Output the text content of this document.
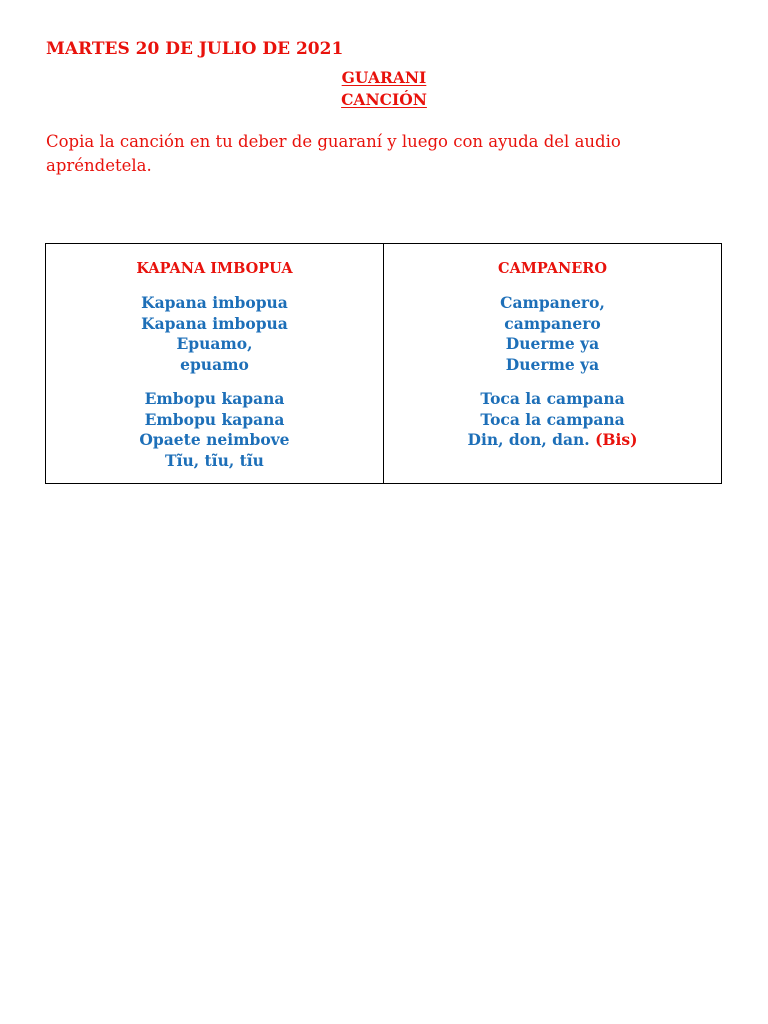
MARTES 20 DE JULIO DE 2021
GUARANI
CANCIÓN
Copia la canción en tu deber de guaraní y luego con ayuda del audio apréndetela.
KAPANA IMBOPUA
Kapana imbopua
Kapana imbopua
Epuamo,
epuamo
Embopu kapana
Embopu kapana
Opaete neimbove
Tĩu, tĩu, tĩu
CAMPANERO
Campanero,
campanero
Duerme ya
Duerme ya
Toca la campana
Toca la campana
Din, don, dan. (Bis)
